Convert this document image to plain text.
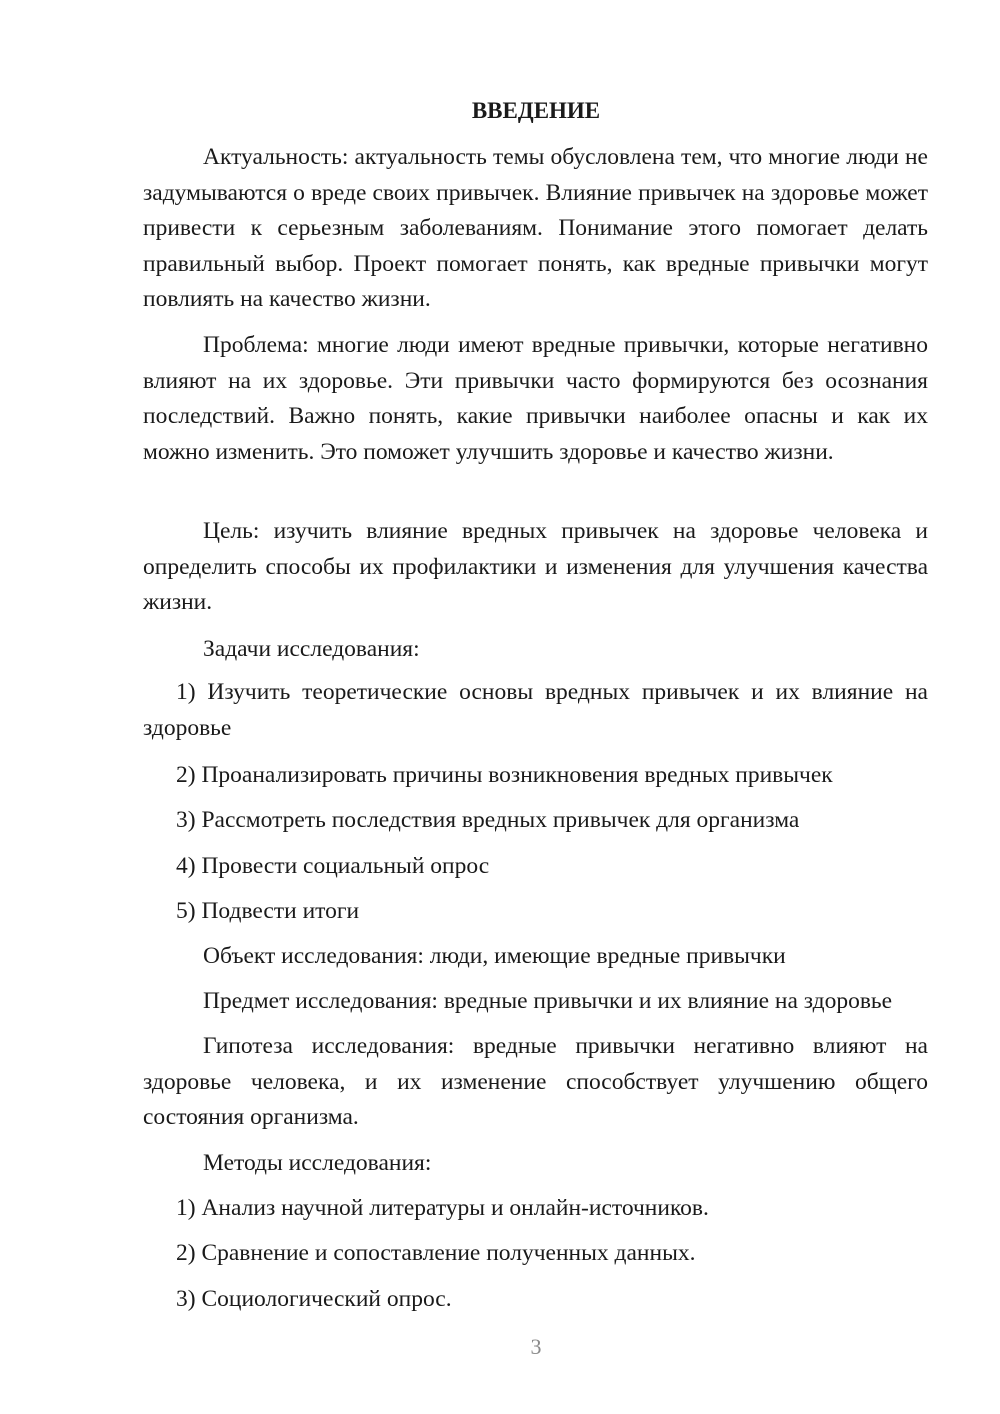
ВВЕДЕНИЕ
Актуальность: актуальность темы обусловлена тем, что многие люди не задумываются о вреде своих привычек. Влияние привычек на здоровье может привести к серьезным заболеваниям. Понимание этого помогает делать правильный выбор. Проект помогает понять, как вредные привычки могут повлиять на качество жизни.
Проблема: многие люди имеют вредные привычки, которые негативно влияют на их здоровье. Эти привычки часто формируются без осознания последствий. Важно понять, какие привычки наиболее опасны и как их можно изменить. Это поможет улучшить здоровье и качество жизни.
Цель: изучить влияние вредных привычек на здоровье человека и определить способы их профилактики и изменения для улучшения качества жизни.
Задачи исследования:
1) Изучить теоретические основы вредных привычек и их влияние на здоровье
2) Проанализировать причины возникновения вредных привычек
3) Рассмотреть последствия вредных привычек для организма
4) Провести социальный опрос
5) Подвести итоги
Объект исследования: люди, имеющие вредные привычки
Предмет исследования: вредные привычки и их влияние на здоровье
Гипотеза исследования: вредные привычки негативно влияют на здоровье человека, и их изменение способствует улучшению общего состояния организма.
Методы исследования:
1) Анализ научной литературы и онлайн-источников.
2) Сравнение и сопоставление полученных данных.
3) Социологический опрос.
3
